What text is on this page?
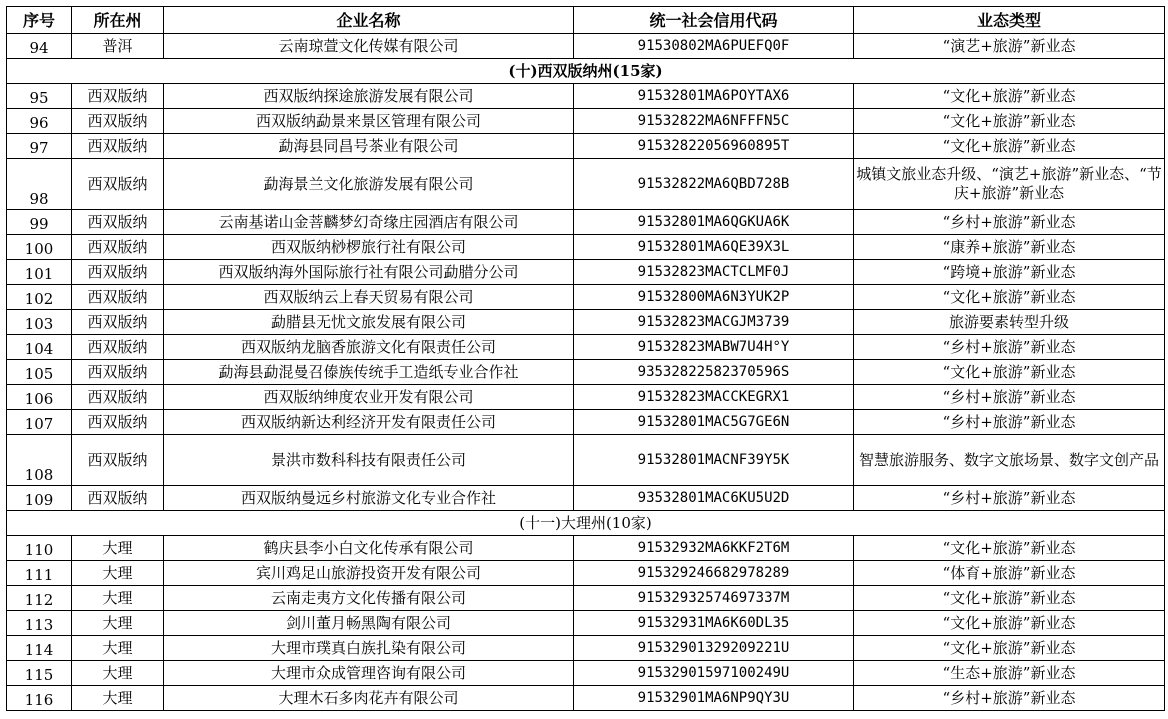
序号	所在州	企业名称	统一社会信用代码	业态类型
94	普洱	云南琼萱文化传媒有限公司	91530802MA6PUEFQ0F	“演艺+旅游”新业态
(十)西双版纳州(15家)				
95	西双版纳	西双版纳探途旅游发展有限公司	91532801MA6POYTAX6	“文化+旅游”新业态
96	西双版纳	西双版纳勐景来景区管理有限公司	91532822MA6NFFFN5C	“文化+旅游”新业态
97	西双版纳	勐海县同昌号茶业有限公司	91532822056960895T	“文化+旅游”新业态
98	西双版纳	勐海景兰文化旅游发展有限公司	91532822MA6QBD728B	城镇文旅业态升级、“演艺+旅游”新业态、“节庆+旅游”新业态
99	西双版纳	云南基诺山金菩麟梦幻奇缘庄园酒店有限公司	91532801MA6QGKUA6K	“乡村+旅游”新业态
100	西双版纳	西双版纳桫椤旅行社有限公司	91532801MA6QE39X3L	“康养+旅游”新业态
101	西双版纳	西双版纳海外国际旅行社有限公司勐腊分公司	91532823MACTCLMF0J	“跨境+旅游”新业态
102	西双版纳	西双版纳云上春天贸易有限公司	91532800MA6N3YUK2P	“文化+旅游”新业态
103	西双版纳	勐腊县无忧文旅发展有限公司	91532823MACGJM3739	旅游要素转型升级
104	西双版纳	西双版纳龙脑香旅游文化有限责任公司	91532823MABW7U4H°Y	“乡村+旅游”新业态
105	西双版纳	勐海县勐混曼召傣族传统手工造纸专业合作社	93532822582370596S	“文化+旅游”新业态
106	西双版纳	西双版纳绅度农业开发有限公司	91532823MACCKEGRX1	“乡村+旅游”新业态
107	西双版纳	西双版纳新达利经济开发有限责任公司	91532801MAC5G7GE6N	“乡村+旅游”新业态
108	西双版纳	景洪市数科科技有限责任公司	91532801MACNF39Y5K	智慧旅游服务、数字文旅场景、数字文创产品
109	西双版纳	西双版纳曼远乡村旅游文化专业合作社	93532801MAC6KU5U2D	“乡村+旅游”新业态
(十一)大理州(10家)				
110	大理	鹤庆县李小白文化传承有限公司	91532932MA6KKF2T6M	“文化+旅游”新业态
111	大理	宾川鸡足山旅游投资开发有限公司	91532924668297828​9	“体育+旅游”新业态
112	大理	云南走夷方文化传播有限公司	91532932574697337M	“文化+旅游”新业态
113	大理	剑川董月畅黑陶有限公司	91532931MA6K60DL35	“文化+旅游”新业态
114	大理	大理市璞真白族扎染有限公司	91532901329209221U	“文化+旅游”新业态
115	大理	大理市众成管理咨询有限公司	91532901597100249U	“生态+旅游”新业态
116	大理	大理木石多肉花卉有限公司	91532901MA6NP9QY3U	“乡村+旅游”新业态
